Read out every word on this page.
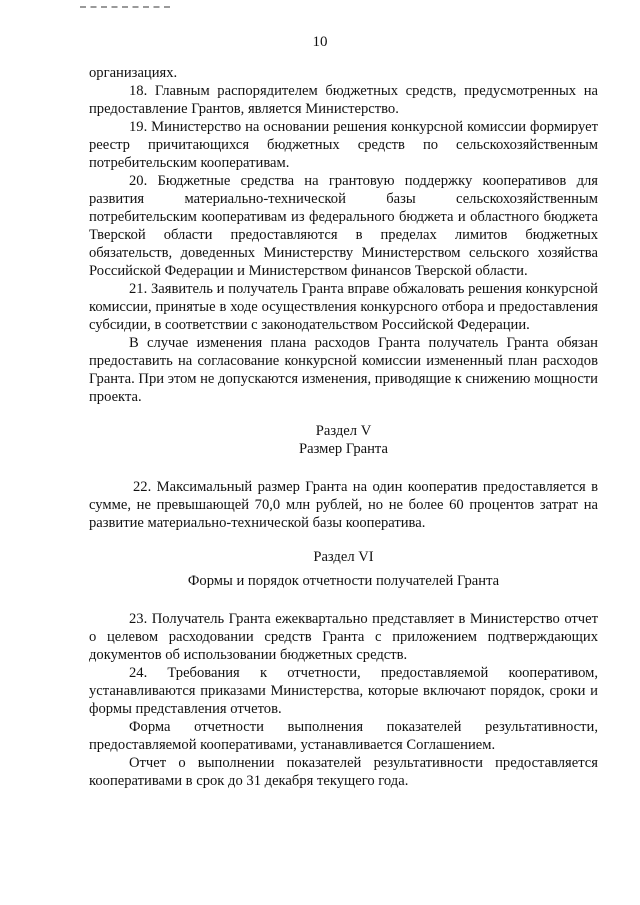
10

организациях.

18. Главным распорядителем бюджетных средств, предусмотренных на предоставление Грантов, является Министерство.

19. Министерство на основании решения конкурсной комиссии формирует реестр причитающихся бюджетных средств по сельскохозяйственным потребительским кооперативам.

20. Бюджетные средства на грантовую поддержку кооперативов для развития материально-технической базы сельскохозяйственным потребительским кооперативам из федерального бюджета и областного бюджета Тверской области предоставляются в пределах лимитов бюджетных обязательств, доведенных Министерству Министерством сельского хозяйства Российской Федерации и Министерством финансов Тверской области.

21. Заявитель и получатель Гранта вправе обжаловать решения конкурсной комиссии, принятые в ходе осуществления конкурсного отбора и предоставления субсидии, в соответствии с законодательством Российской Федерации.

В случае изменения плана расходов Гранта получатель Гранта обязан предоставить на согласование конкурсной комиссии измененный план расходов Гранта. При этом не допускаются изменения, приводящие к снижению мощности проекта.

Раздел V
Размер Гранта

22. Максимальный размер Гранта на один кооператив предоставляется в сумме, не превышающей 70,0 млн рублей, но не более 60 процентов затрат на развитие материально-технической базы кооператива.

Раздел VI
Формы и порядок отчетности получателей Гранта

23. Получатель Гранта ежеквартально представляет в Министерство отчет о целевом расходовании средств Гранта с приложением подтверждающих документов об использовании бюджетных средств.

24. Требования к отчетности, предоставляемой кооперативом, устанавливаются приказами Министерства, которые включают порядок, сроки и формы представления отчетов.

Форма отчетности выполнения показателей результативности, предоставляемой кооперативами, устанавливается Соглашением.

Отчет о выполнении показателей результативности предоставляется кооперативами в срок до 31 декабря текущего года.
